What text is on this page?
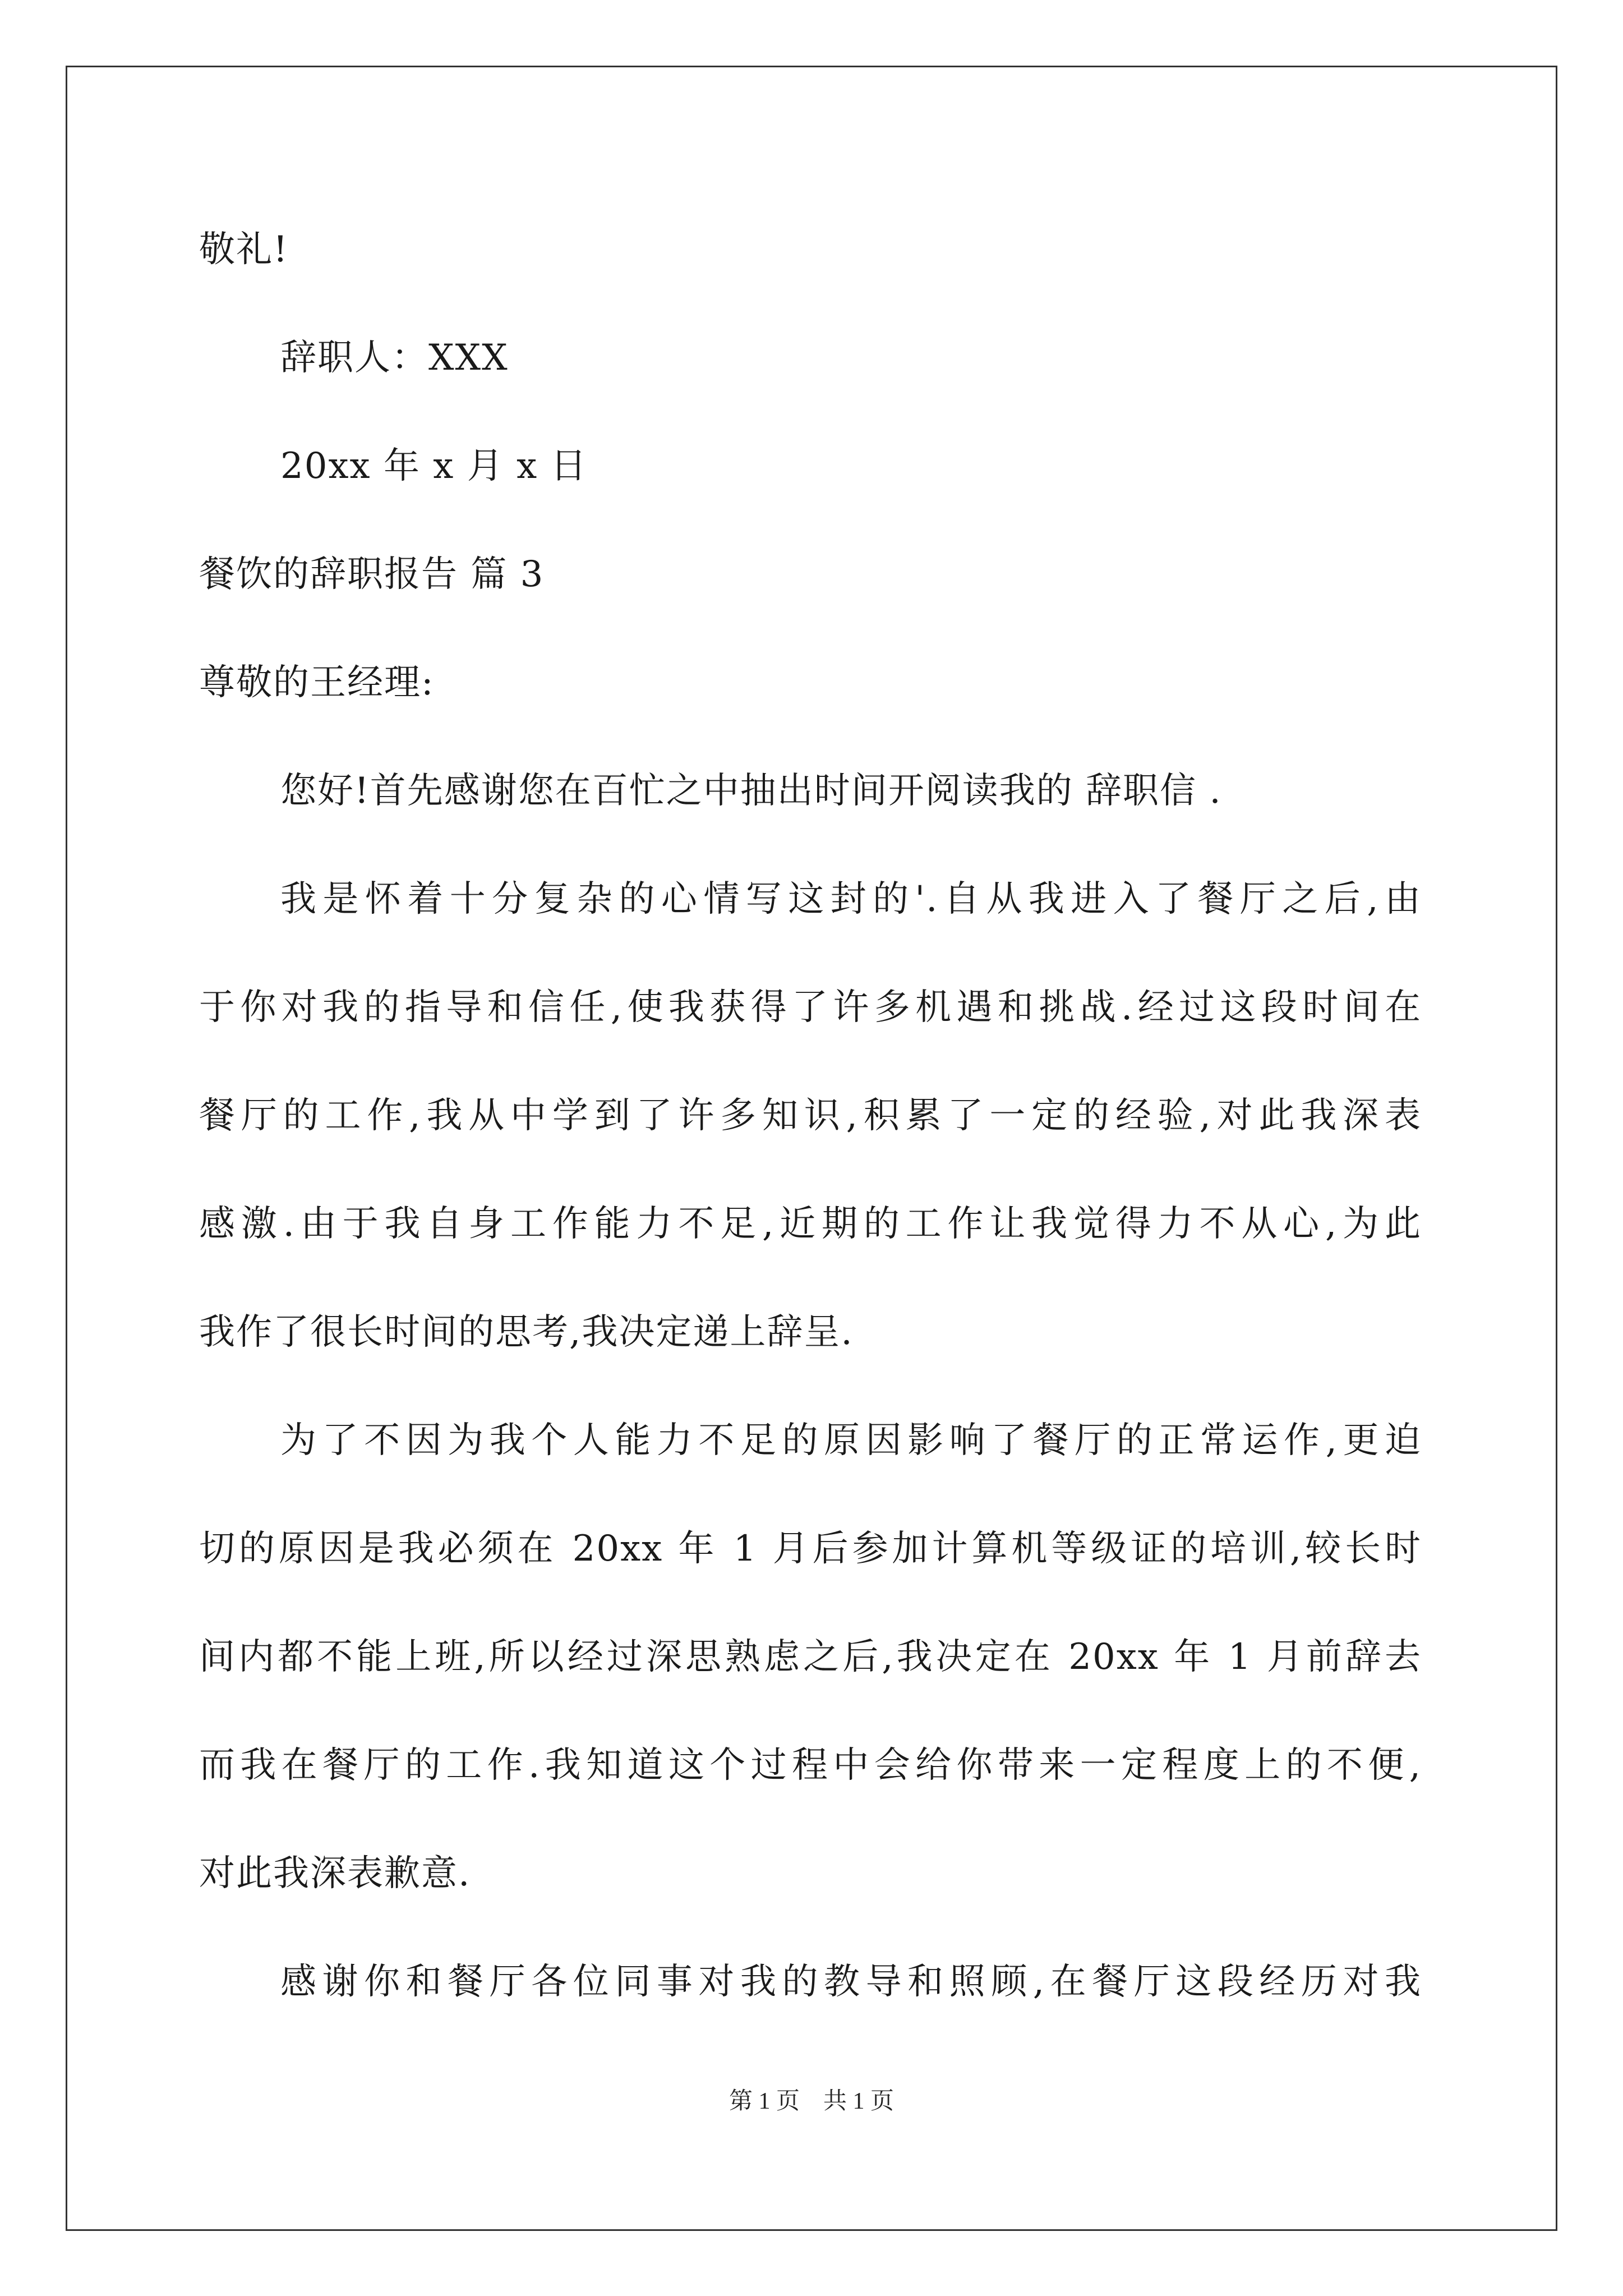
敬礼!
辞职人：XXX
20xx 年 x 月 x 日
餐饮的辞职报告 篇 3
尊敬的王经理:
您好!首先感谢您在百忙之中抽出时间开阅读我的 辞职信 .
我是怀着十分复杂的心情写这封的'.自从我进入了餐厅之后,由
于你对我的指导和信任,使我获得了许多机遇和挑战.经过这段时间在
餐厅的工作,我从中学到了许多知识,积累了一定的经验,对此我深表
感激.由于我自身工作能力不足,近期的工作让我觉得力不从心,为此
我作了很长时间的思考,我决定递上辞呈.
为了不因为我个人能力不足的原因影响了餐厅的正常运作,更迫
切的原因是我必须在 20xx 年 1 月后参加计算机等级证的培训,较长时
间内都不能上班,所以经过深思熟虑之后,我决定在 20xx 年 1 月前辞去
而我在餐厅的工作.我知道这个过程中会给你带来一定程度上的不便,
对此我深表歉意.
感谢你和餐厅各位同事对我的教导和照顾,在餐厅这段经历对我
第 1 页　共 1 页
